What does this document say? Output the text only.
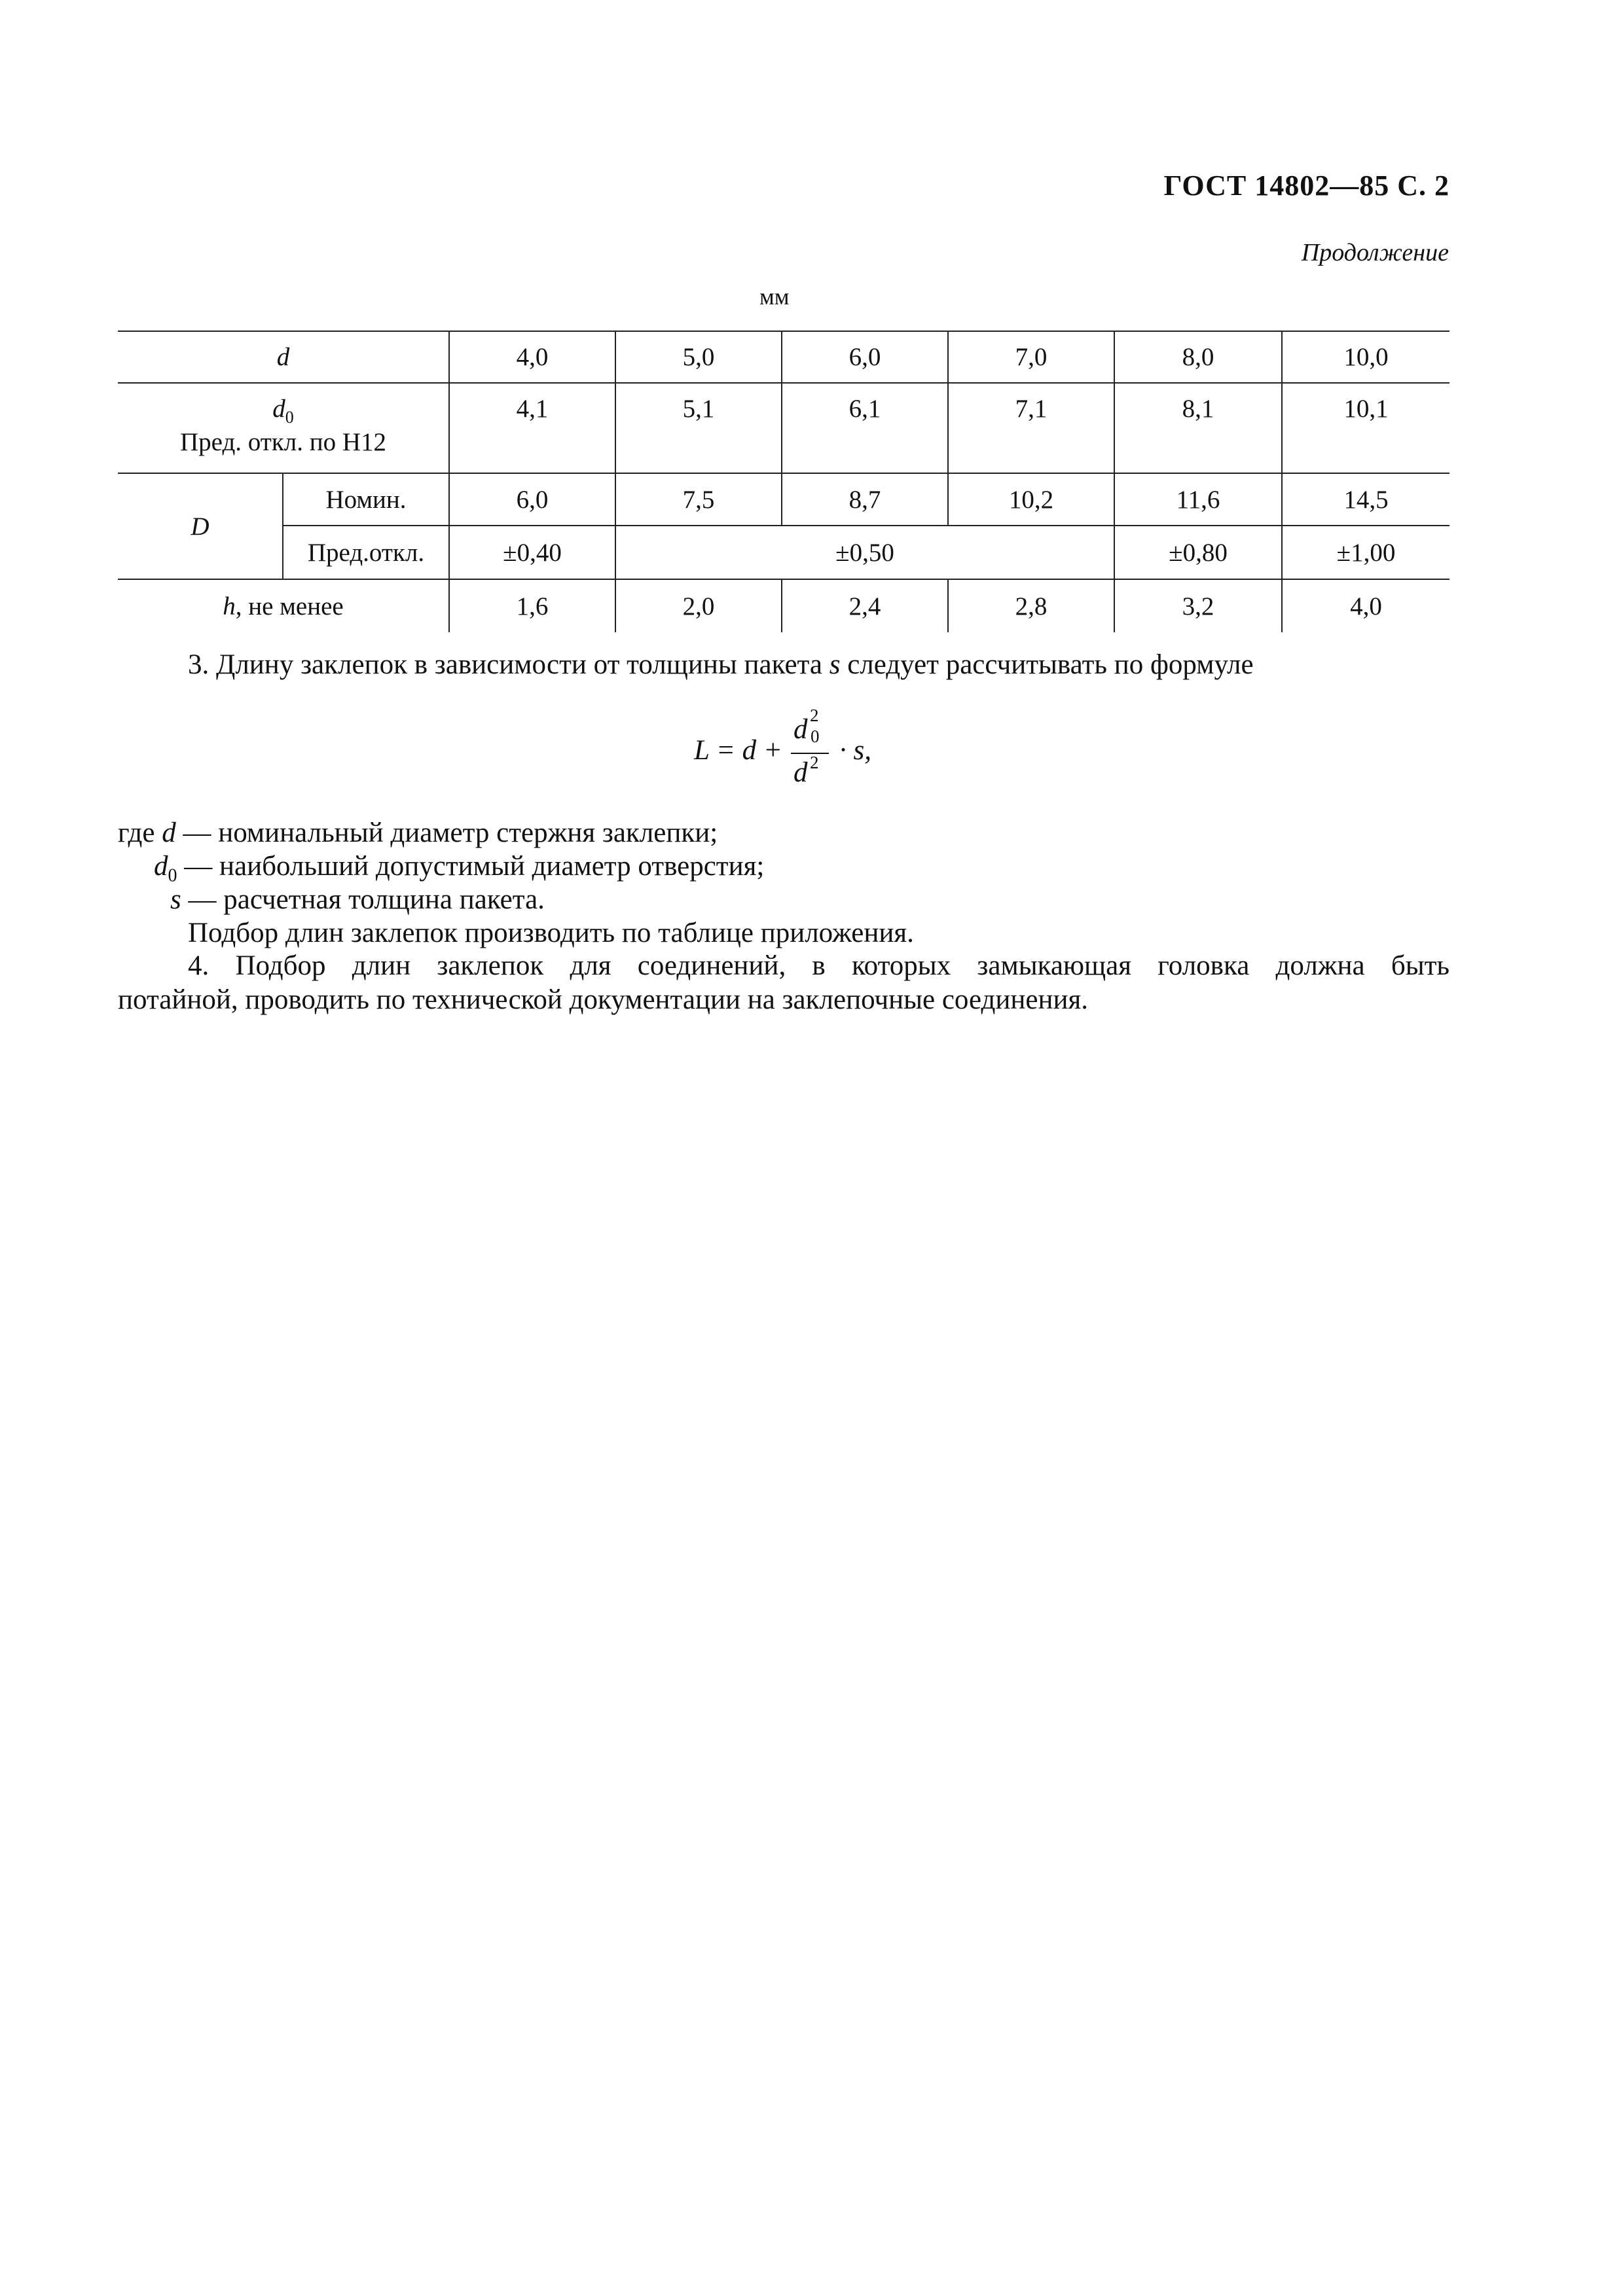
ГОСТ 14802—85 С. 2
Продолжение
мм
d		4,0	5,0	6,0	7,0	8,0	10,0

$d_0$
Пред. откл. по Н12		4,1	5,1	6,1	7,1	8,1	10,1
D	Номин.	6,0	7,5	8,7	10,2	11,6	14,5
	Пред.откл.	±0,40	±0,50			±0,80	±1,00
h, не менее		1,6	2,0	2,4	2,8	3,2	4,0
3. Длину заклепок в зависимости от толщины пакета s следует рассчитывать по формуле
L = d +
d 2
0
d 2 · s,
где d — номинальный диаметр стержня заклепки;
$d_0$ — наибольший допустимый диаметр отверстия;
s — расчетная толщина пакета.
Подбор длин заклепок производить по таблице приложения.
4. Подбор длин заклепок для соединений, в которых замыкающая головка должна быть
потайной, проводить по технической документации на заклепочные соединения.
